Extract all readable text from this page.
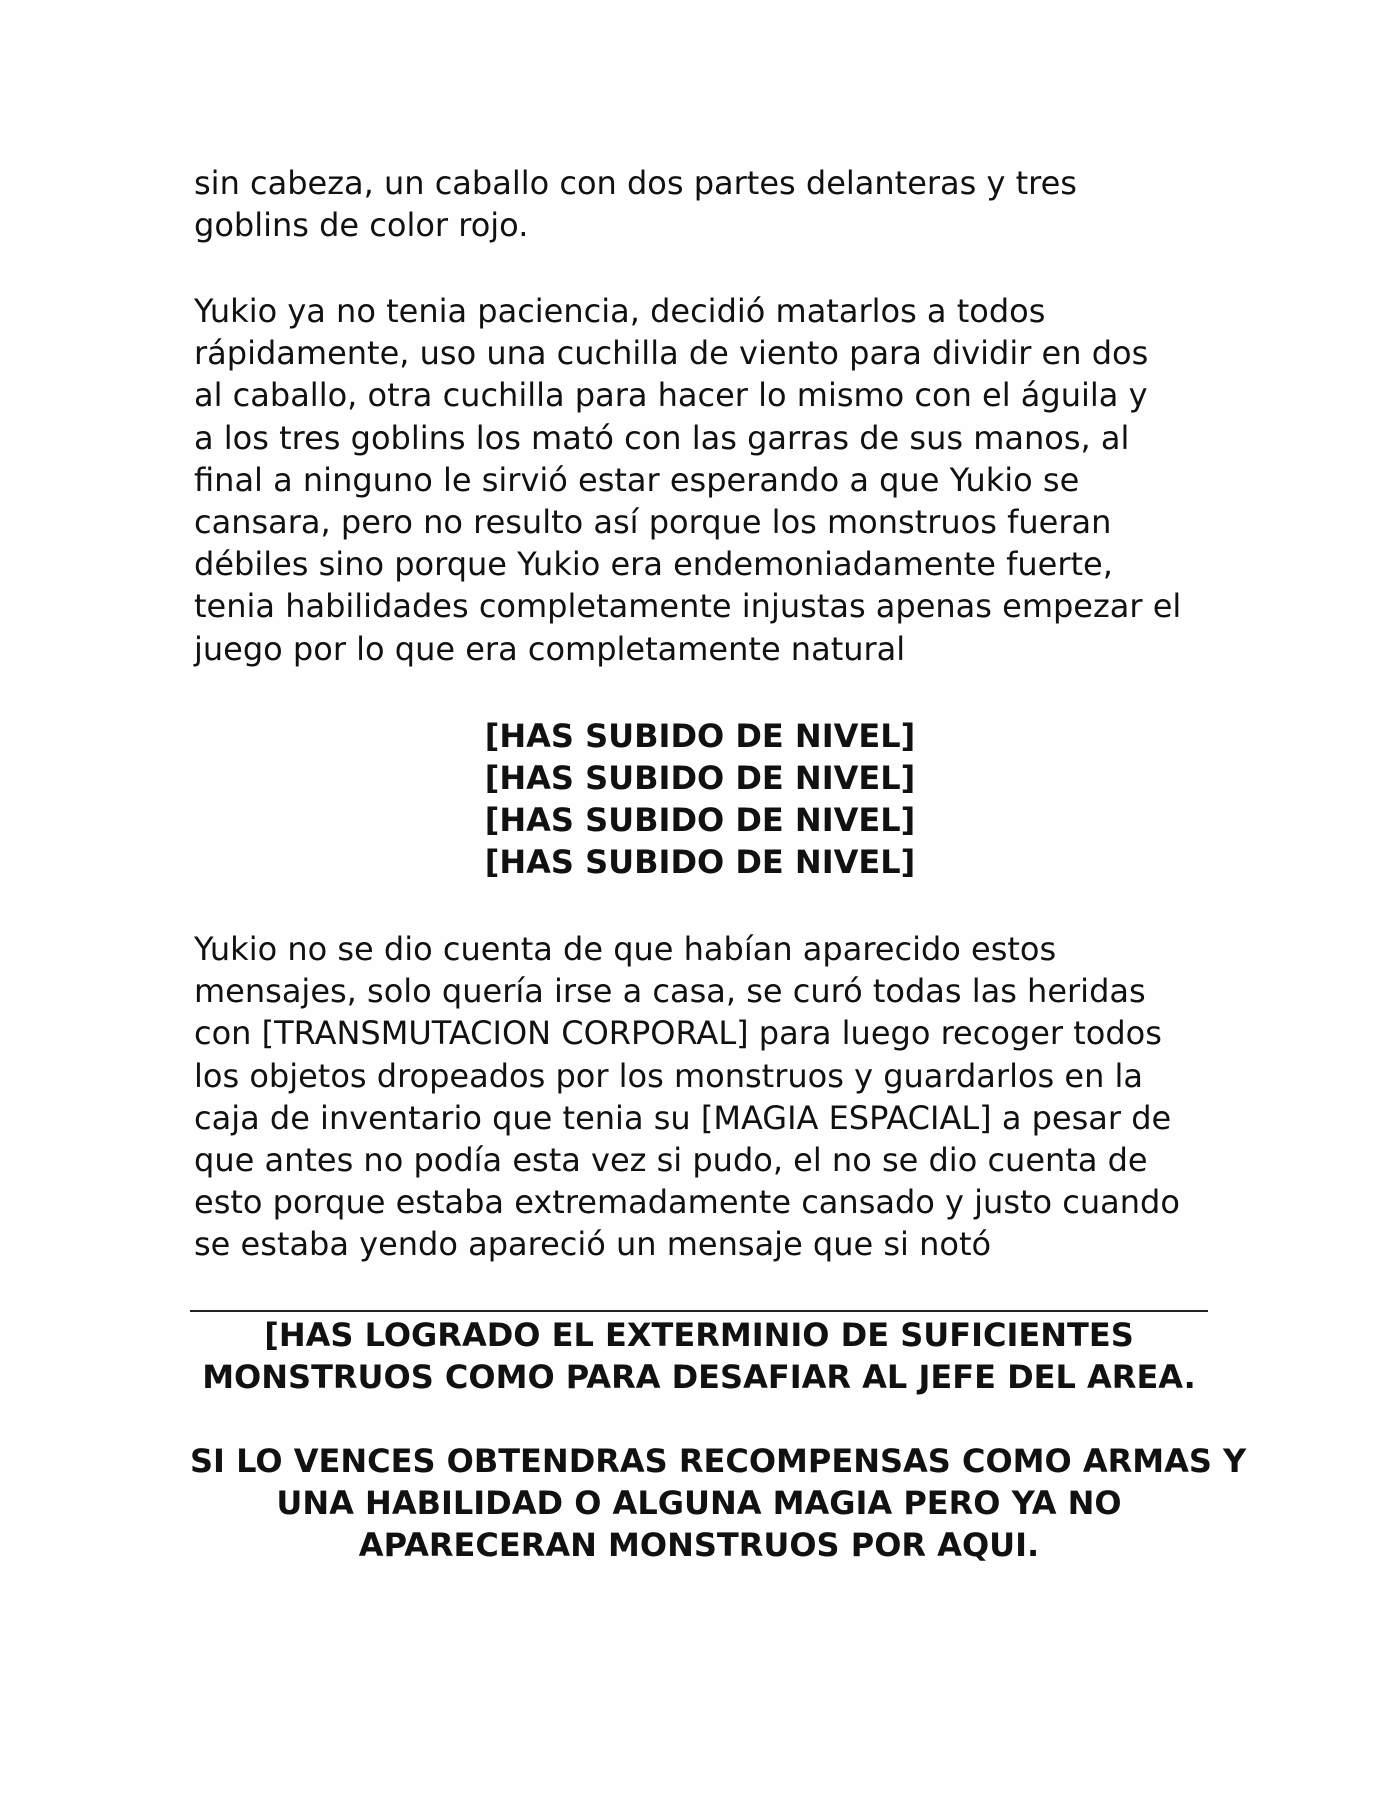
sin cabeza, un caballo con dos partes delanteras y tres
goblins de color rojo.
Yukio ya no tenia paciencia, decidió matarlos a todos
rápidamente, uso una cuchilla de viento para dividir en dos
al caballo, otra cuchilla para hacer lo mismo con el águila y
a los tres goblins los mató con las garras de sus manos, al
final a ninguno le sirvió estar esperando a que Yukio se
cansara, pero no resulto así porque los monstruos fueran
débiles sino porque Yukio era endemoniadamente fuerte,
tenia habilidades completamente injustas apenas empezar el
juego por lo que era completamente natural
[HAS SUBIDO DE NIVEL]
[HAS SUBIDO DE NIVEL]
[HAS SUBIDO DE NIVEL]
[HAS SUBIDO DE NIVEL]
Yukio no se dio cuenta de que habían aparecido estos
mensajes, solo quería irse a casa, se curó todas las heridas
con [TRANSMUTACION CORPORAL] para luego recoger todos
los objetos dropeados por los monstruos y guardarlos en la
caja de inventario que tenia su [MAGIA ESPACIAL] a pesar de
que antes no podía esta vez si pudo, el no se dio cuenta de
esto porque estaba extremadamente cansado y justo cuando
se estaba yendo apareció un mensaje que si notó
[HAS LOGRADO EL EXTERMINIO DE SUFICIENTES
MONSTRUOS COMO PARA DESAFIAR AL JEFE DEL AREA.
SI LO VENCES OBTENDRAS RECOMPENSAS COMO ARMAS Y
UNA HABILIDAD O ALGUNA MAGIA PERO YA NO
APARECERAN MONSTRUOS POR AQUI.
